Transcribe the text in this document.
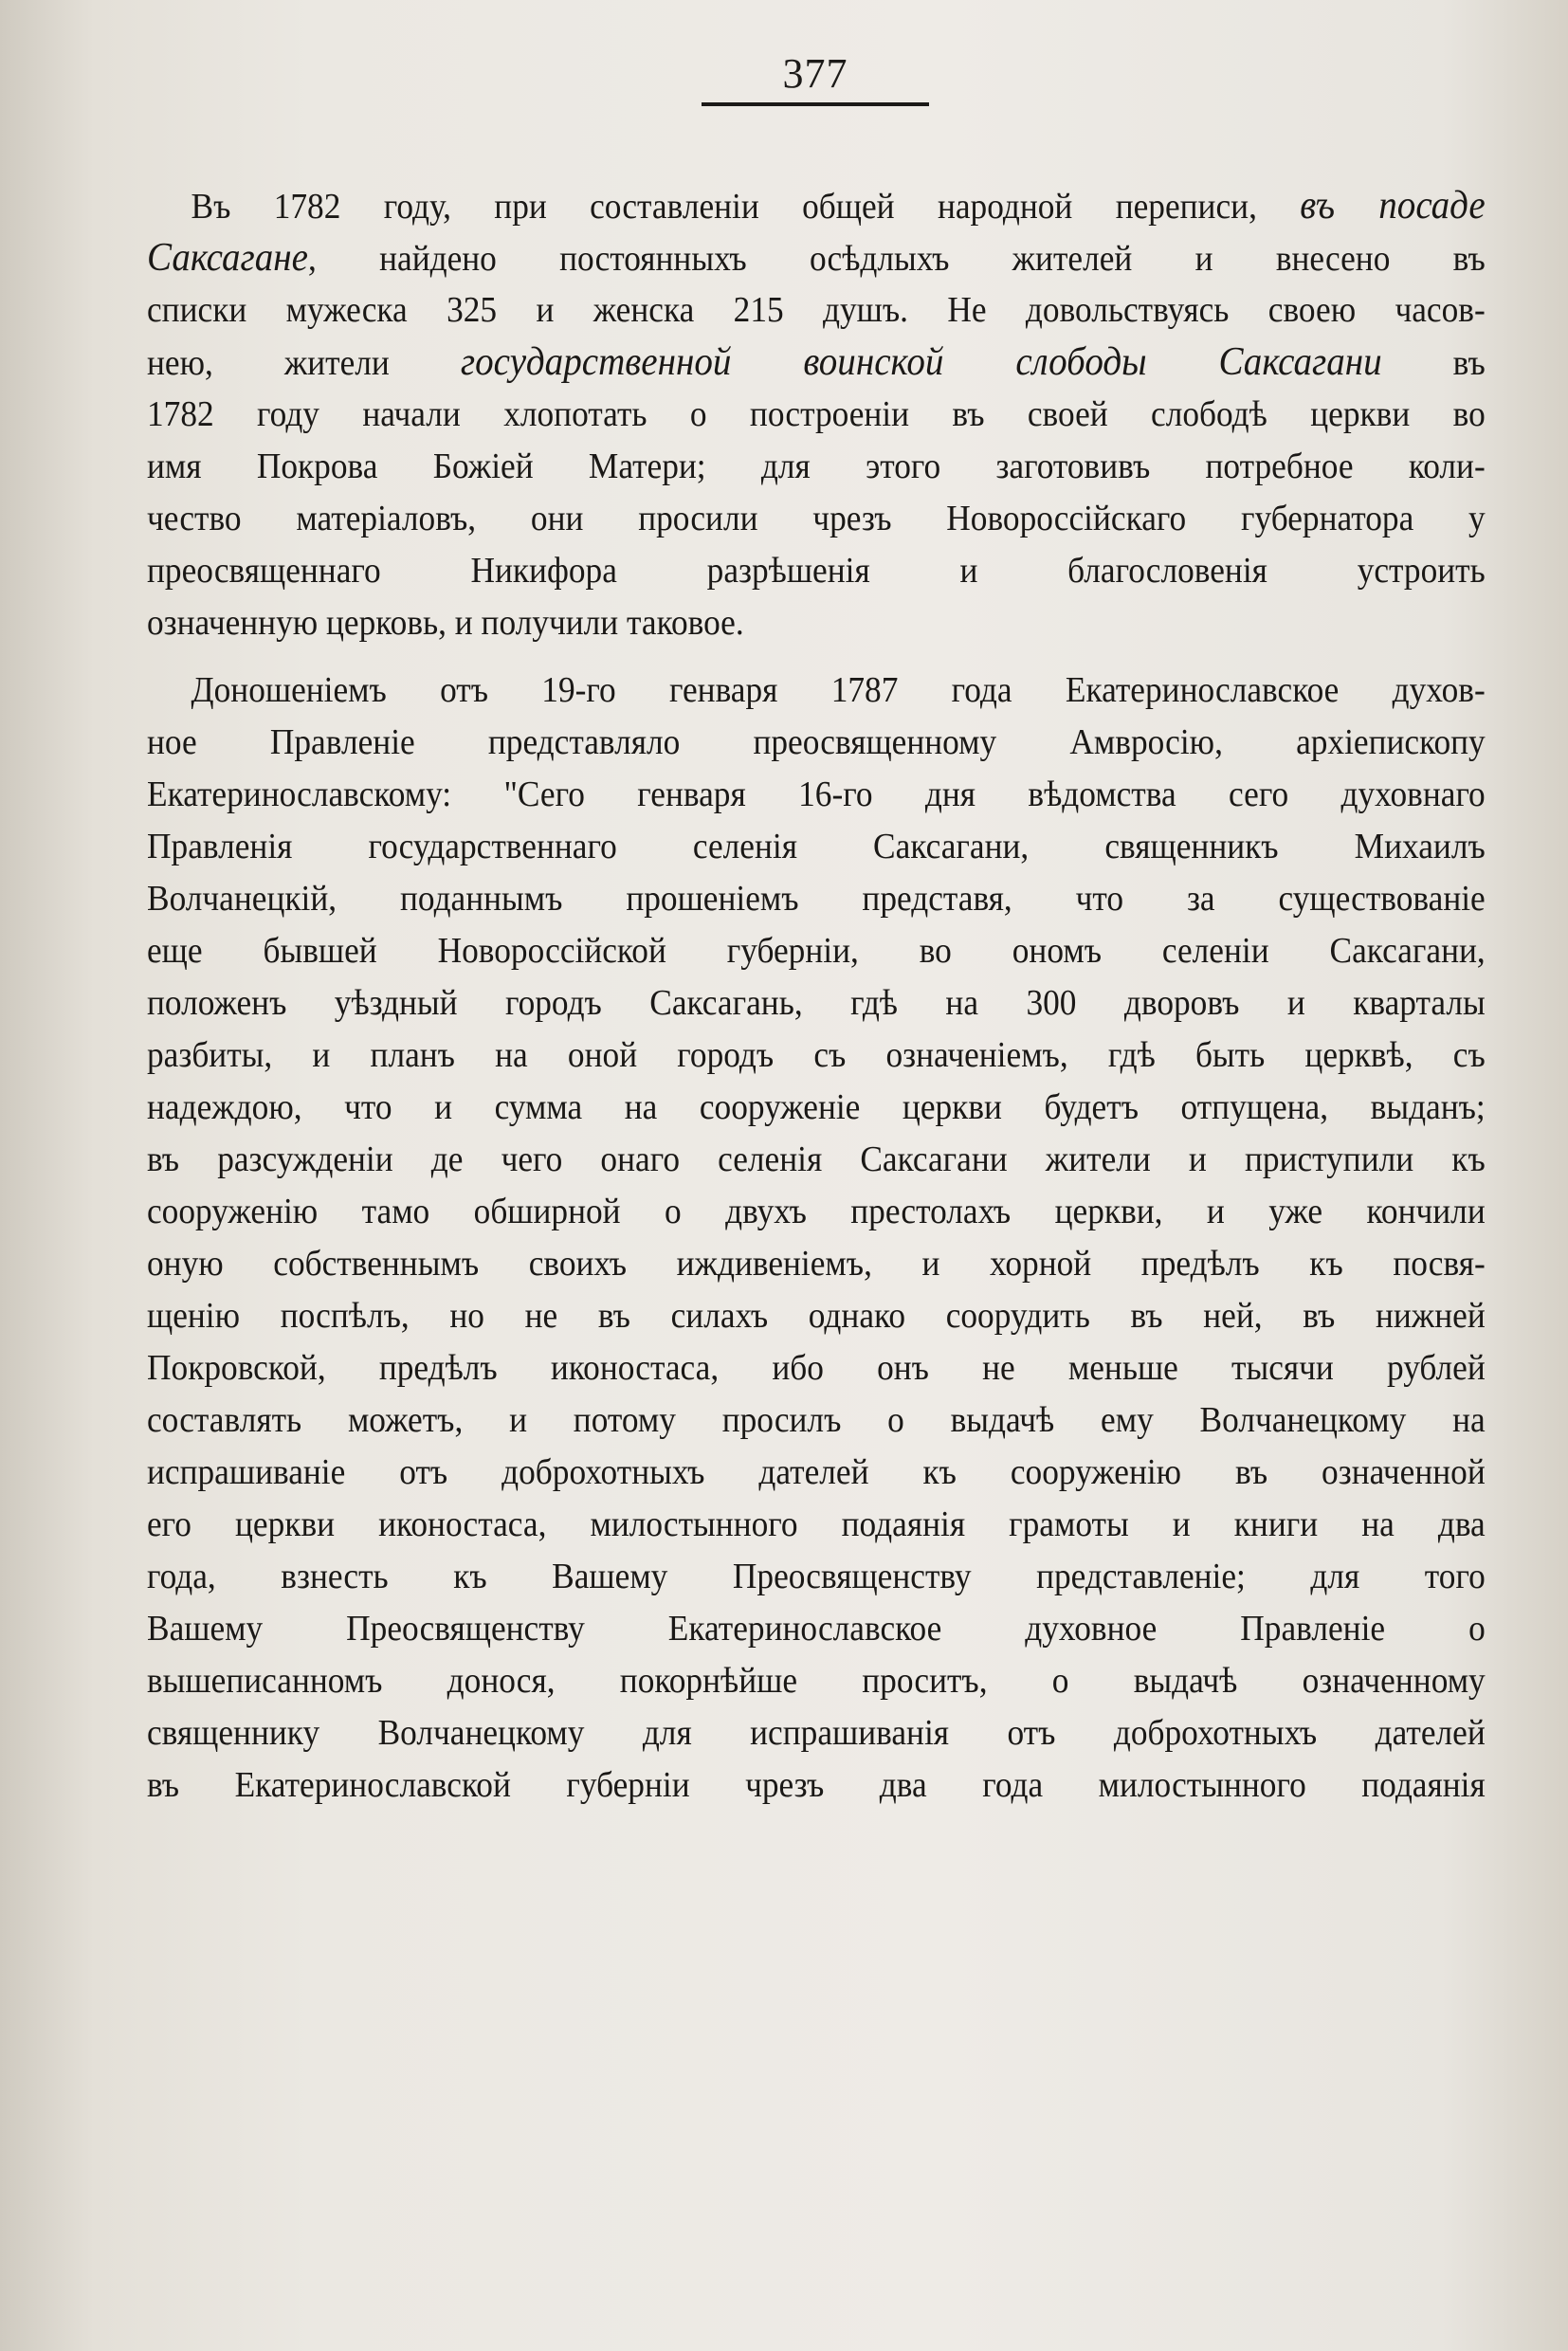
377
Въ 1782 году, при составленіи общей народной переписи, въ посаде
Саксагане, найдено постоянныхъ осѣдлыхъ жителей и внесено въ
списки мужеска 325 и женска 215 душъ. Не довольствуясь своею часов-
нею, жители государственной воинской слободы Саксагани въ
1782 году начали хлопотать о построеніи въ своей слободѣ церкви во
имя Покрова Божіей Матери; для этого заготовивъ потребное коли-
чество матеріаловъ, они просили чрезъ Новороссійскаго губернатора у
преосвященнаго Никифора разрѣшенія и благословенія устроить
означенную церковь, и получили таковое.
Доношеніемъ отъ 19-го генваря 1787 года Екатеринославское духов-
ное Правленіе представляло преосвященному Амвросію, архіепископу
Екатеринославскому: "Сего генваря 16-го дня вѣдомства сего духовнаго
Правленія государственнаго селенія Саксагани, священникъ Михаилъ
Волчанецкій, поданнымъ прошеніемъ представя, что за существованіе
еще бывшей Новороссійской губерніи, во ономъ селеніи Саксагани,
положенъ уѣздный городъ Саксагань, гдѣ на 300 дворовъ и кварталы
разбиты, и планъ на оной городъ съ означеніемъ, гдѣ быть церквѣ, съ
надеждою, что и сумма на сооруженіе церкви будетъ отпущена, выданъ;
въ разсужденіи де чего онаго селенія Саксагани жители и приступили къ
сооруженію тамо обширной о двухъ престолахъ церкви, и уже кончили
оную собственнымъ своихъ иждивеніемъ, и хорной предѣлъ къ посвя-
щенію поспѣлъ, но не въ силахъ однако соорудить въ ней, въ нижней
Покровской, предѣлъ иконостаса, ибо онъ не меньше тысячи рублей
составлять можетъ, и потому просилъ о выдачѣ ему Волчанецкому на
испрашиваніе отъ доброхотныхъ дателей къ сооруженію въ означенной
его церкви иконостаса, милостынного подаянія грамоты и книги на два
года, взнесть къ Вашему Преосвященству представленіе; для того
Вашему Преосвященству Екатеринославское духовное Правленіе о
вышеписанномъ донося, покорнѣйше проситъ, о выдачѣ означенному
священнику Волчанецкому для испрашиванія отъ доброхотныхъ дателей
въ Екатеринославской губерніи чрезъ два года милостынного подаянія
